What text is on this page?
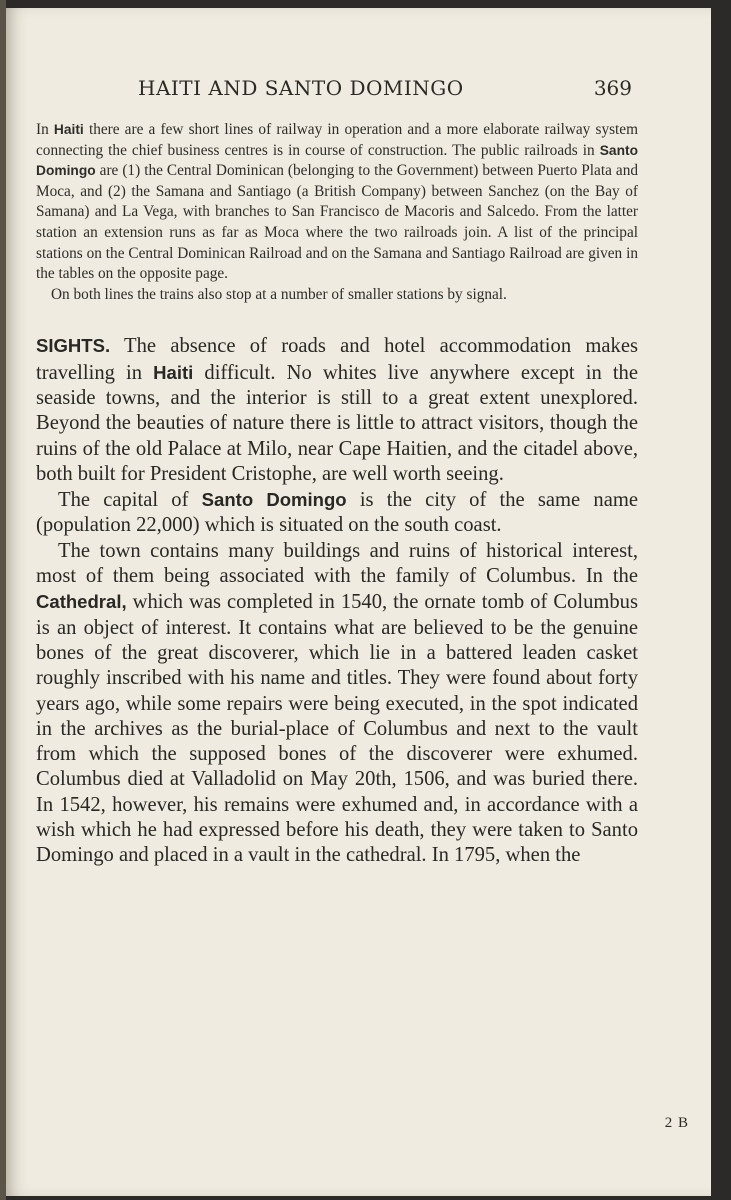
HAITI AND SANTO DOMINGO	369

In Haiti there are a few short lines of railway in operation and a more elaborate railway system connecting the chief business centres is in course of construction. The public railroads in Santo Domingo are (1) the Central Dominican (belonging to the Government) between Puerto Plata and Moca, and (2) the Samana and Santiago (a British Company) between Sanchez (on the Bay of Samana) and La Vega, with branches to San Francisco de Macoris and Salcedo. From the latter station an extension runs as far as Moca where the two railroads join. A list of the principal stations on the Central Dominican Railroad and on the Samana and Santiago Railroad are given in the tables on the opposite page.

On both lines the trains also stop at a number of smaller stations by signal.

SIGHTS. The absence of roads and hotel accommodation makes travelling in Haiti difficult. No whites live anywhere except in the seaside towns, and the interior is still to a great extent unexplored. Beyond the beauties of nature there is little to attract visitors, though the ruins of the old Palace at Milo, near Cape Haitien, and the citadel above, both built for President Cristophe, are well worth seeing.

The capital of Santo Domingo is the city of the same name (population 22,000) which is situated on the south coast.

The town contains many buildings and ruins of historical interest, most of them being associated with the family of Columbus. In the Cathedral, which was completed in 1540, the ornate tomb of Columbus is an object of interest. It contains what are believed to be the genuine bones of the great discoverer, which lie in a battered leaden casket roughly inscribed with his name and titles. They were found about forty years ago, while some repairs were being executed, in the spot indicated in the archives as the burial-place of Columbus and next to the vault from which the supposed bones of the discoverer were exhumed. Columbus died at Valladolid on May 20th, 1506, and was buried there. In 1542, however, his remains were exhumed and, in accordance with a wish which he had expressed before his death, they were taken to Santo Domingo and placed in a vault in the cathedral. In 1795, when the

2 B
